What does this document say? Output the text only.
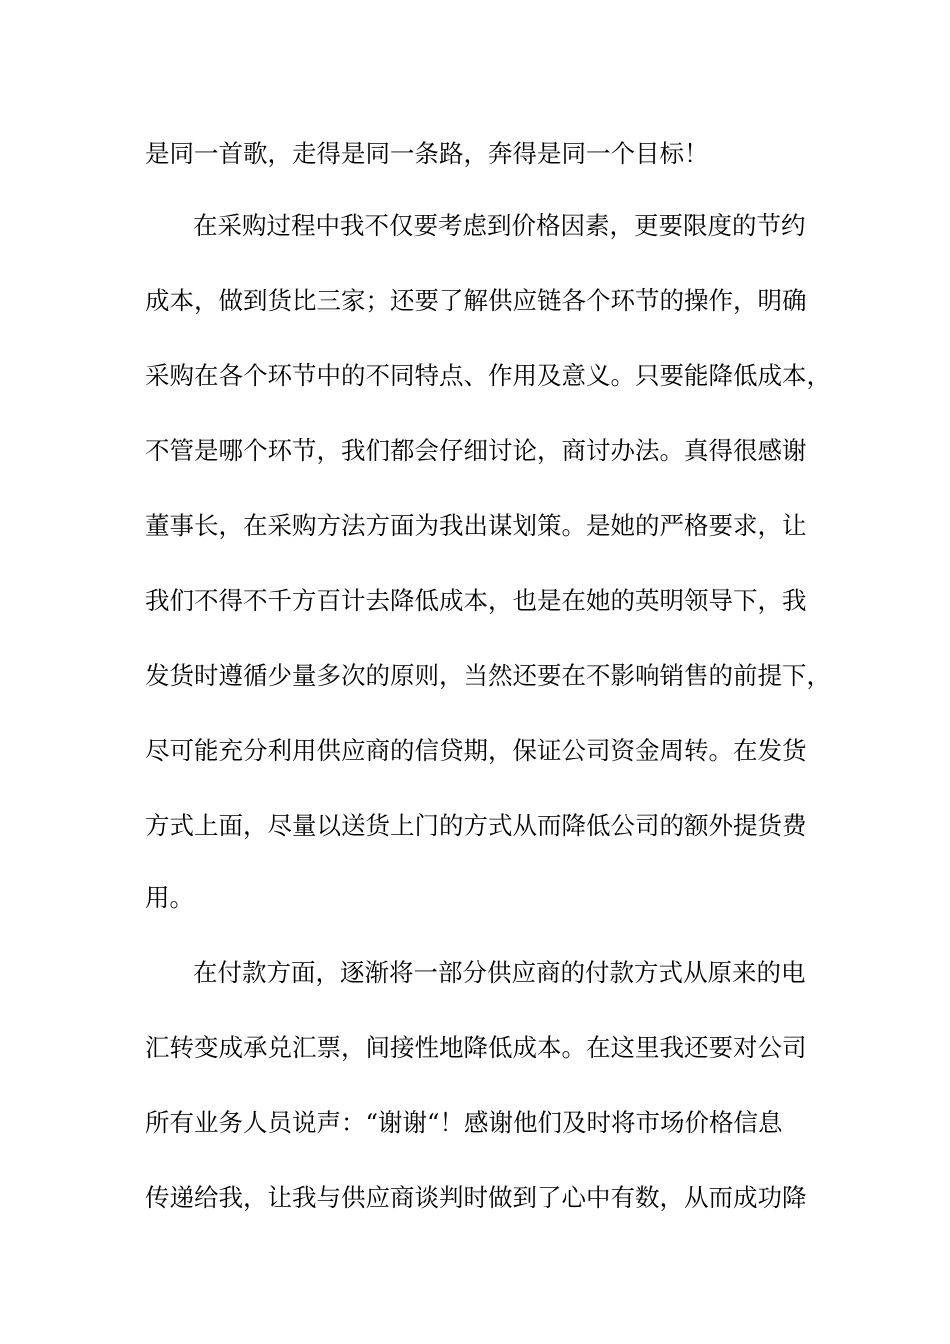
是同一首歌，走得是同一条路，奔得是同一个目标！
在采购过程中我不仅要考虑到价格因素，更要限度的节约
成本，做到货比三家；还要了解供应链各个环节的操作，明确
采购在各个环节中的不同特点、作用及意义。只要能降低成本，
不管是哪个环节，我们都会仔细讨论，商讨办法。真得很感谢
董事长，在采购方法方面为我出谋划策。是她的严格要求，让
我们不得不千方百计去降低成本，也是在她的英明领导下，我
发货时遵循少量多次的原则，当然还要在不影响销售的前提下，
尽可能充分利用供应商的信贷期，保证公司资金周转。在发货
方式上面，尽量以送货上门的方式从而降低公司的额外提货费
用。
在付款方面，逐渐将一部分供应商的付款方式从原来的电
汇转变成承兑汇票，间接性地降低成本。在这里我还要对公司
所有业务人员说声：“谢谢“！感谢他们及时将市场价格信息
传递给我，让我与供应商谈判时做到了心中有数，从而成功降
